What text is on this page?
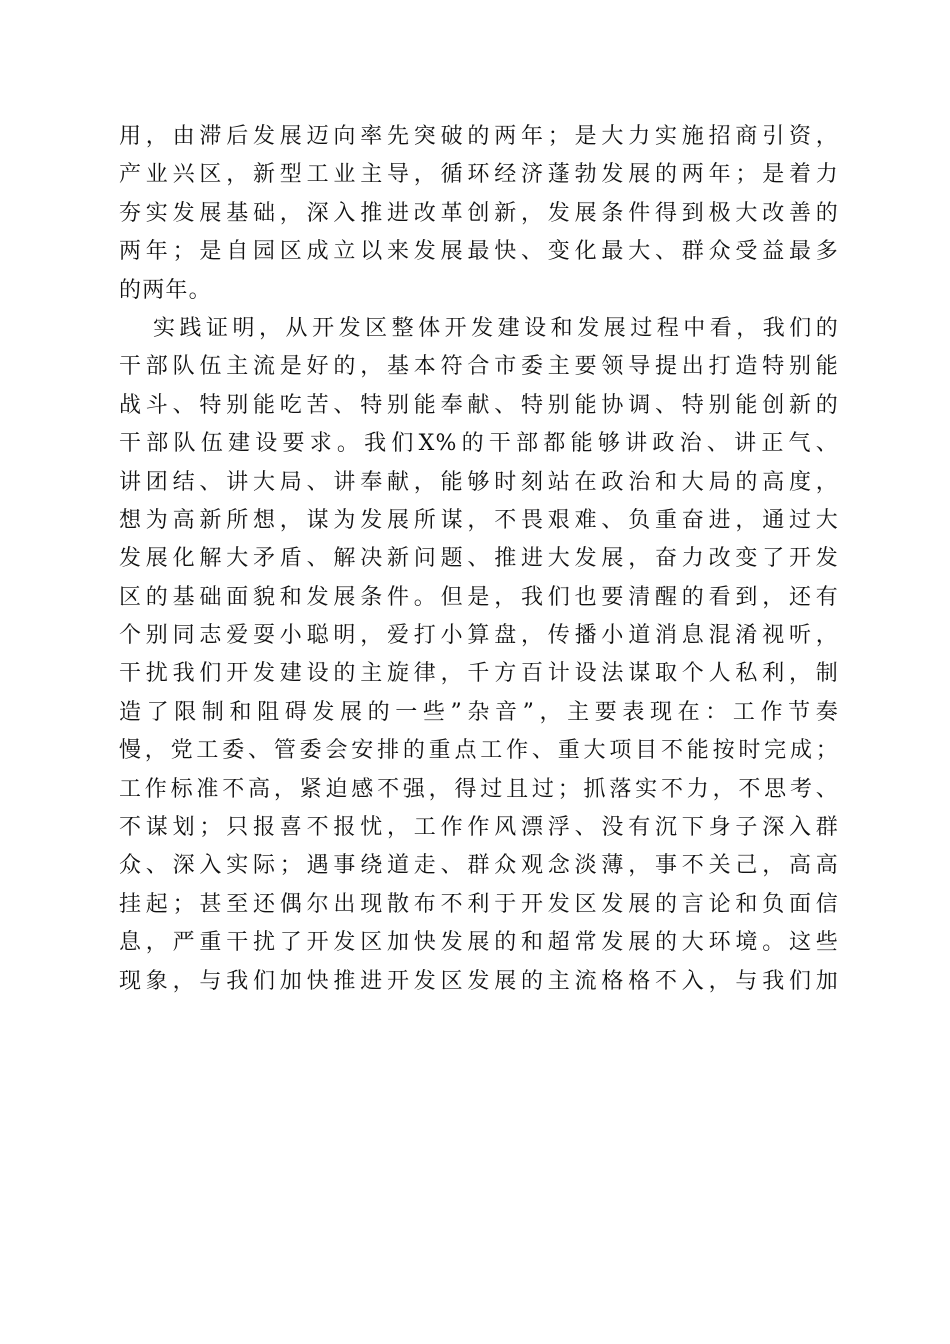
用，由滞后发展迈向率先突破的两年；是大力实施招商引资，
产业兴区，新型工业主导，循环经济蓬勃发展的两年；是着力
夯实发展基础，深入推进改革创新，发展条件得到极大改善的
两年；是自园区成立以来发展最快、变化最大、群众受益最多
的两年。
实践证明，从开发区整体开发建设和发展过程中看，我们的
干部队伍主流是好的，基本符合市委主要领导提出打造特别能
战斗、特别能吃苦、特别能奉献、特别能协调、特别能创新的
干部队伍建设要求。我们X%的干部都能够讲政治、讲正气、
讲团结、讲大局、讲奉献，能够时刻站在政治和大局的高度，
想为高新所想，谋为发展所谋，不畏艰难、负重奋进，通过大
发展化解大矛盾、解决新问题、推进大发展，奋力改变了开发
区的基础面貌和发展条件。但是，我们也要清醒的看到，还有
个别同志爱耍小聪明，爱打小算盘，传播小道消息混淆视听，
干扰我们开发建设的主旋律，千方百计设法谋取个人私利，制
造了限制和阻碍发展的一些”杂音”，主要表现在：工作节奏
慢，党工委、管委会安排的重点工作、重大项目不能按时完成；
工作标准不高，紧迫感不强，得过且过；抓落实不力，不思考、
不谋划；只报喜不报忧，工作作风漂浮、没有沉下身子深入群
众、深入实际；遇事绕道走、群众观念淡薄，事不关己，高高
挂起；甚至还偶尔出现散布不利于开发区发展的言论和负面信
息，严重干扰了开发区加快发展的和超常发展的大环境。这些
现象，与我们加快推进开发区发展的主流格格不入，与我们加
